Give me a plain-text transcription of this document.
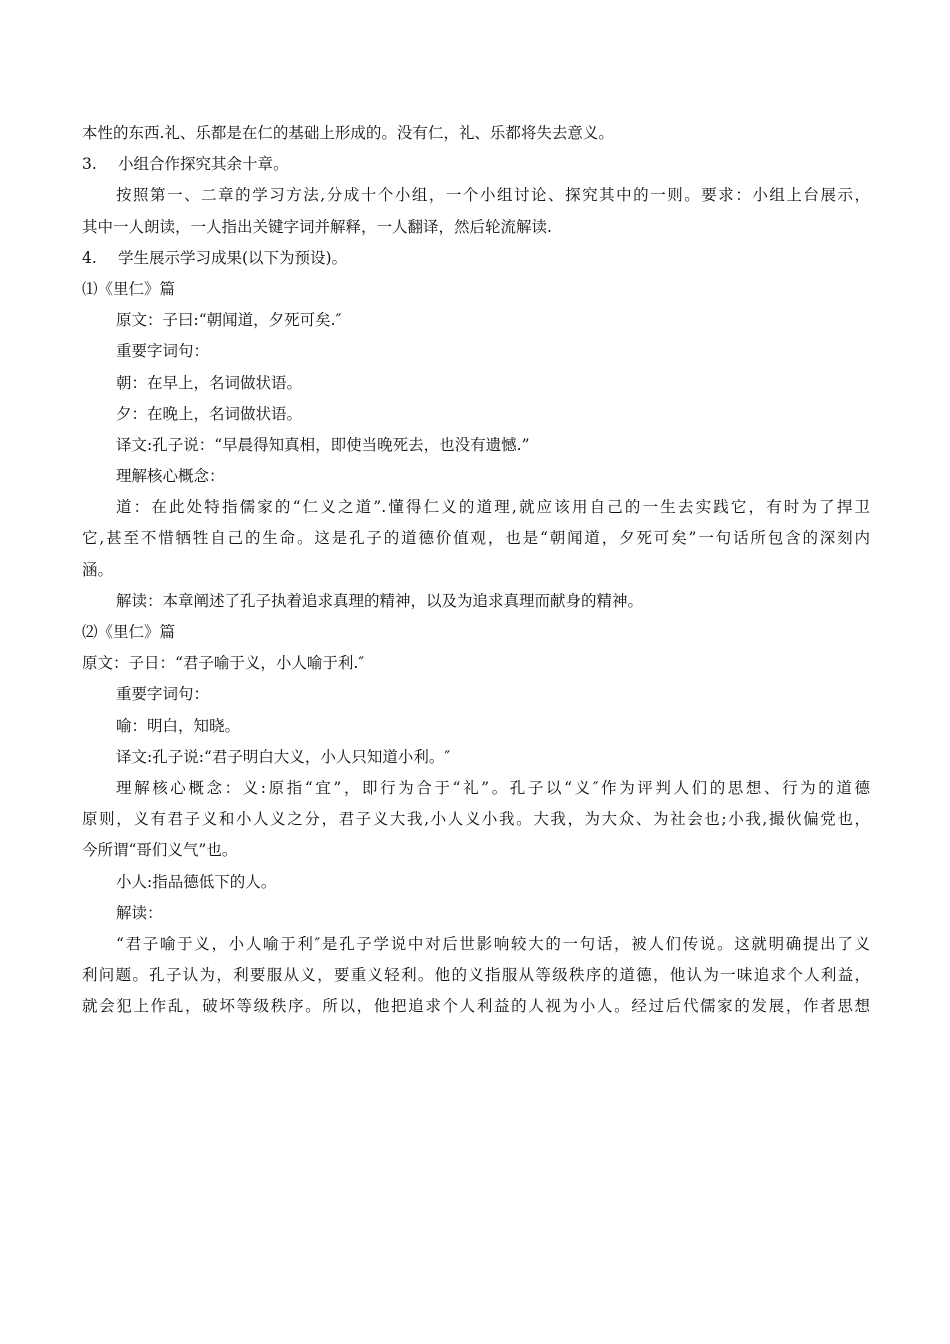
本性的东西.礼、乐都是在仁的基础上形成的。没有仁，礼、乐都将失去意义。
3.	小组合作探究其余十章。
按照第一、二章的学习方法,分成十个小组，一个小组讨论、探究其中的一则。要求：小组上台展示，
其中一人朗读，一人指出关键字词并解释，一人翻译，然后轮流解读.
4.	学生展示学习成果(以下为预设)。
⑴《里仁》篇
原文：子曰:“朝闻道，夕死可矣.″
重要字词句：
朝：在早上，名词做状语。
夕：在晚上，名词做状语。
译文:孔子说：“早晨得知真相，即使当晚死去，也没有遗憾.”
理解核心概念：
道：在此处特指儒家的“仁义之道”.懂得仁义的道理,就应该用自己的一生去实践它，有时为了捍卫
它,甚至不惜牺牲自己的生命。这是孔子的道德价值观，也是“朝闻道，夕死可矣”一句话所包含的深刻内
涵。
解读：本章阐述了孔子执着追求真理的精神，以及为追求真理而献身的精神。
⑵《里仁》篇
原文：子日：“君子喻于义，小人喻于利.″
重要字词句：
喻：明白，知晓。
译文:孔子说:“君子明白大义，小人只知道小利。″
理解核心概念：义:原指“宜”，即行为合于“礼”。孔子以“义″作为评判人们的思想、行为的道德
原则，义有君子义和小人义之分，君子义大我,小人义小我。大我，为大众、为社会也;小我,撮伙偏党也，
今所谓“哥们义气”也。
小人:指品德低下的人。
解读：
“君子喻于义，小人喻于利″是孔子学说中对后世影响较大的一句话，被人们传说。这就明确提出了义
利问题。孔子认为，利要服从义，要重义轻利。他的义指服从等级秩序的道德，他认为一味追求个人利益，
就会犯上作乱，破坏等级秩序。所以，他把追求个人利益的人视为小人。经过后代儒家的发展，作者思想
